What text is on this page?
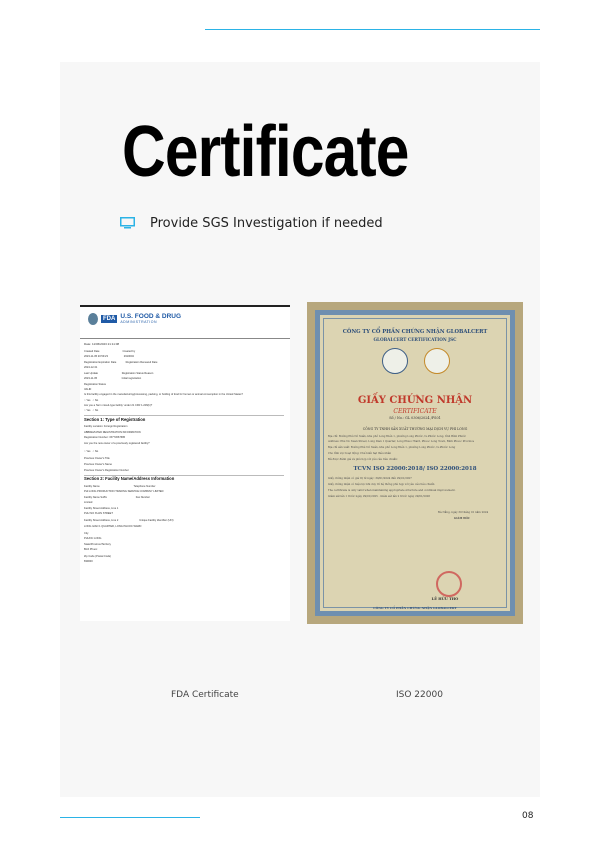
Certificate
Provide SGS Investigation if needed
FDA U.S. FOOD & DRUG
ADMINISTRATION
Date: 11/06/2023 21:11:08
Created Date                                Created by
2023-11-05 20:59:23                      2910004
Registration Expiration Date             Registration Renewed Date
2024-12-31
Last Update                                 Registration Status Reason
2023-11-05                                  Initial registration
Registration Status
VALID
Is this facility engaged in the manufacturing/processing, packing, or holding of food for human or animal consumption in the United States?
○ Yes   ○ No
Are you a 'farm mixed-type facility' under 21 CFR 1.226(b)?
○ Yes   ○ No
Section 1: Type of Registration
Facility Location: Foreign Registration
ABBREVIATED REGISTRATION INFORMATION
Registration Number: 15773067686
Are you the new owner of a previously registered facility?
○ Yes   ○ No
Previous Owner's Title
Previous Owner's Name
Previous Owner's Registration Number
Section 2: Facility Name/Address Information
Facility Name                                               Telephone Number
PHI LONG PRODUCTION TRADING SERVICE COMPANY LIMITED
Facility Name Suffix                                        Fax Number
Limited
Facility Street Address, Line 1
PHU NO XUAN STREET
Facility Street Address, Line 2                             Unique Facility Identifier (UFI)
LONG GIAN 1 QUARTER, LONG PHUOC WARD
City
PHUOC LONG
State/Province/Territory
Binh Phuoc
Zip Code (Postal Code)
830000
CÔNG TY CỔ PHẦN CHỨNG NHẬN GLOBALCERT
GLOBALCERT CERTIFICATION JSC
GIẤY CHỨNG NHẬN
CERTIFICATE
Số / No.: GL 0306/2024 /FS01
CÔNG TY TNHH SẢN XUẤT THƯƠNG MẠI DỊCH VỤ PHI LONG
Địa chỉ: Đường Phú Nô Xuân, khu phố Long Điền 1, phường Long Phước, tx.Phước Long, tỉnh Bình Phước
Address: Phu No Xuan Street, Long Dien 1 Quarter, Long Phuoc Ward, Phuoc Long Town, Binh Phuoc Province
Địa chỉ sản xuất: Đường Phú Nô Xuân, khu phố Long Điền 1, phường Long Phước, tx.Phước Long
Cho lĩnh vực hoạt động: Chế biến hạt điều nhân
Đã được đánh giá và phù hợp với yêu cầu tiêu chuẩn:
TCVN ISO 22000:2018/ ISO 22000:2018
Giấy chứng nhận có giá trị từ ngày: 30/01/2024 đến 29/01/2027
Giấy chứng nhận có hiệu lực khi duy trì hệ thống phù hợp với yêu cầu tiêu chuẩn
The certificate is only valid when maintaining appropriate structure and continual improvement.
Giám sát lần 1 trước ngày 29/01/2025 · Giám sát lần 2 trước ngày 29/01/2026
Đà Nẵng, ngày 30 tháng 01 năm 2024
GIÁM ĐỐC
LÊ HỮU THO
CÔNG TY CỔ PHẦN CHỨNG NHẬN GLOBALCERT
FDA Certificate	ISO 22000
08
